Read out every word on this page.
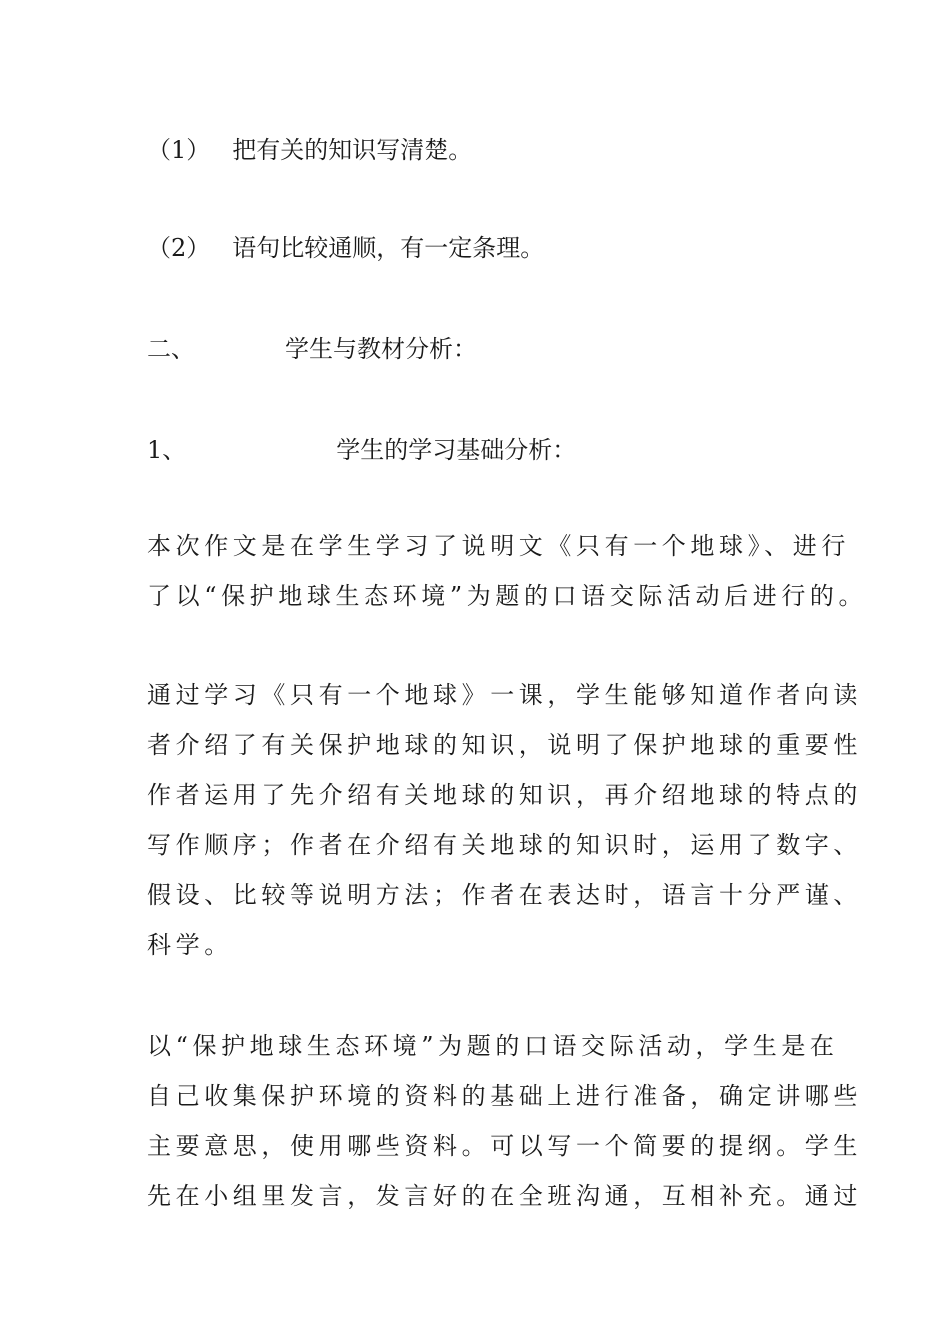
（1） 把有关的知识写清楚。
（2） 语句比较通顺，有一定条理。
二、	学生与教材分析：
1、	学生的学习基础分析：
本次作文是在学生学习了说明文《只有一个地球》、进行
了以“保护地球生态环境”为题的口语交际活动后进行的。
通过学习《只有一个地球》一课，学生能够知道作者向读
者介绍了有关保护地球的知识，说明了保护地球的重要性
作者运用了先介绍有关地球的知识，再介绍地球的特点的
写作顺序；作者在介绍有关地球的知识时，运用了数字、
假设、比较等说明方法；作者在表达时，语言十分严谨、
科学。
以“保护地球生态环境”为题的口语交际活动，学生是在
自己收集保护环境的资料的基础上进行准备，确定讲哪些
主要意思，使用哪些资料。可以写一个简要的提纲。学生
先在小组里发言，发言好的在全班沟通，互相补充。通过
